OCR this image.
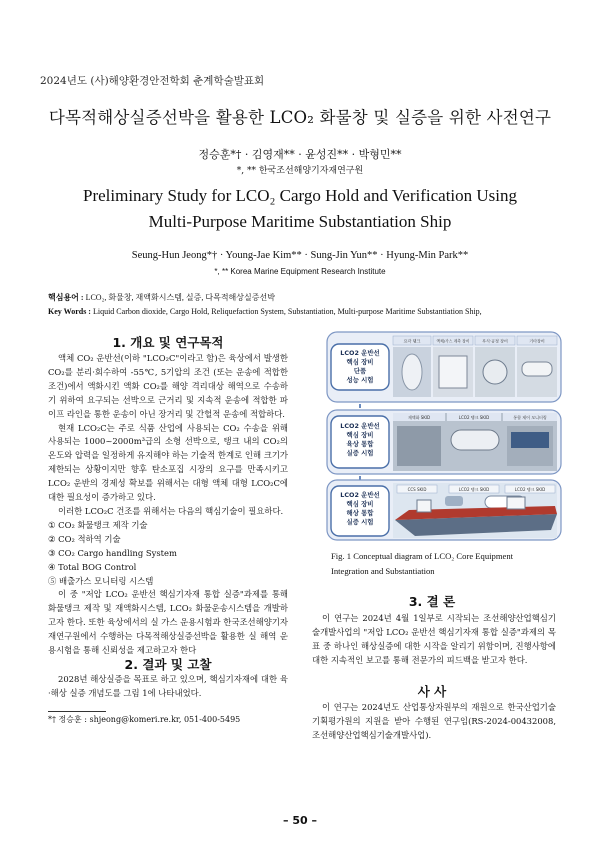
2024년도 (사)해양환경안전학회 춘계학술발표회
다목적해상실증선박을 활용한 LCO₂ 화물창 및 실증을 위한 사전연구
정승훈*† · 김영재** · 윤성진** · 박형민**
*, ** 한국조선해양기자재연구원
Preliminary Study for LCO₂ Cargo Hold and Verification Using
Multi-Purpose Maritime Substantiation Ship
Seung-Hun Jeong*† · Young-Jae Kim** · Sung-Jin Yun** · Hyung-Min Park**
*, ** Korea Marine Equipment Research Institute
핵심용어 : LCO₂, 화물창, 재액화시스템, 실증, 다목적해상실증선박
Key Words : Liquid Carbon dioxide, Cargo Hold, Reliquefaction System, Substantiation, Multi-purpose Maritime Substantiation Ship,
1. 개요 및 연구목적

액체 CO₂ 운반선(이하 "LCO₂C"이라고 함)은 육상에서 발생한 CO₂를 분리·회수하여 -55℃, 5기압의 조건 (또는 운송에 적합한 조건)에서 액화시킨 액화 CO₂를 해양 격리대상 해역으로 수송하기 위하여 요구되는 선박으로 근거리 및 지속적 운송에 적합한 파이프 라인을 통한 운송이 아닌 장거리 및 간헐적 운송에 적합하다.

현재 LCO₂C는 주로 식품 산업에 사용되는 CO₂ 수송을 위해 사용되는 1000~2000m³급의 소형 선박으로, 탱크 내의 CO₂의 온도와 압력을 일정하게 유지해야 하는 기술적 한계로 인해 크기가 제한되는 상황이지만 향후 탄소포집 시장의 요구를 만족시키고 LCO₂ 운반의 경제성 확보를 위해서는 대형 액체 대형 LCO₂C에 대한 필요성이 증가하고 있다.

이러한 LCO₂C 건조를 위해서는 다음의 핵심기술이 필요하다.

① CO₂ 화물탱크 제작 기술
② CO₂ 적하역 기술
③ CO₂ Cargo handling System
④ Total BOG Control
⑤ 배출가스 모니터링 시스템

이 중 "저압 LCO₂ 운반선 핵심기자재 통합 실증"과제를 통해 화물탱크 제작 및 재액화시스템, LCO₂ 화물운송시스템을 개발하고자 한다. 또한 육상에서의 실 가스 운용시험과 한국조선해양기자재연구원에서 수행하는 다목적해상실증선박을 활용한 실 해역 운용시험을 통해 신뢰성을 제고하고자 한다

2. 결과 및 고찰

2028년 해상실증을 목표로 하고 있으며, 핵심기자재에 대한 육·해상 실증 개념도를 그림 1에 나타내었다.

*† 정승훈 : shjeong@komeri.re.kr, 051-400-5495
LCO2 운반선
핵심 장비
단품
성능 시험
요각 탱크	액체/가스 계측 장비	부식·공정 장비	기타장비
LCO2 운반선
핵심 장비
육상 통합
실증 시험
재액화 SKID	LCO2 탱크 SKID	통합 제어 모니터링
LCO2 운반선
핵심 장비
해상 통합
실증 시험
CCS SKID	LCO2 탱크 SKID	LCO2 탱크 SKID
Fig. 1 Conceptual diagram of LCO₂ Core Equipment
Integration and Substantiation
3. 결 론

이 연구는 2024년 4월 1일부로 시작되는 조선해양산업핵심기술개발사업의 "저압 LCO₂ 운반선 핵심기자재 통합 실증"과제의 목표 중 하나인 해상실증에 대한 시작을 알리기 위함이며, 진행사항에 대한 지속적인 보고를 통해 전문가의 피드백을 받고자 한다.

사 사

이 연구는 2024년도 산업통상자원부의 재원으로 한국산업기술기획평가원의 지원을 받아 수행된 연구임(RS-2024-00432008, 조선해양산업핵심기술개발사업).

– 50 –
